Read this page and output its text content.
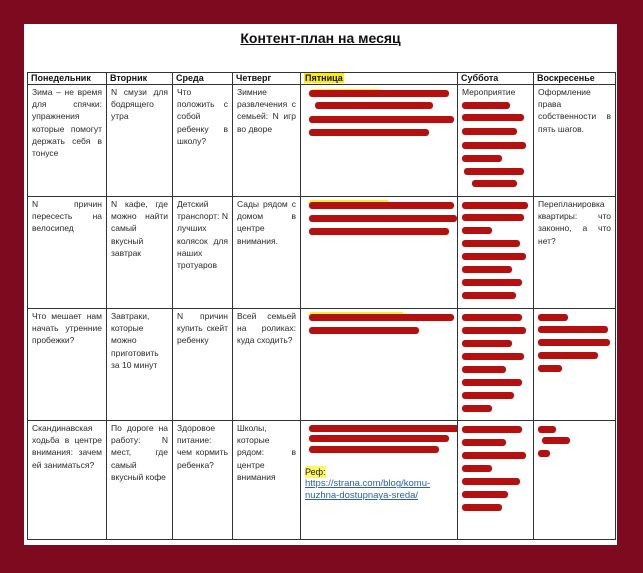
Контент-план на месяц
Понедельник	Вторник	Среда	Четверг	Пятница	Суббота	Воскресенье
Зима – не время для спячки: упражнения которые помогут держать себя в тонусе	N смузи для бодрящего утра	Что положить с собой ребенку в школу?	Зимние развлечения с семьей: N игр во дворе		Мероприятие	Оформление права собственности в пять шагов.
N причин пересесть на велосипед	N кафе, где можно найти самый вкусный завтрак	Детский транспорт: N лучших колясок для наших тротуаров	Сады рядом с домом в центре внимания.			Перепланировка квартиры: что законно, а что нет?
Что мешает нам начать утренние пробежки?	Завтраки, которые можно приготовить за 10 минут	N причин купить скейт ребенку	Всей семьей на роликах: куда сходить?	

Скандинавская ходьба в центре внимания: зачем ей заниматься?	По дороге на работу: N мест, где самый вкусный кофе	Здоровое питание: чем кормить ребенка?	Школы, которые рядом: в центре внимания	Реф:
https://strana.com/blog/komu-nuzhna-dostupnaya-sreda/		
